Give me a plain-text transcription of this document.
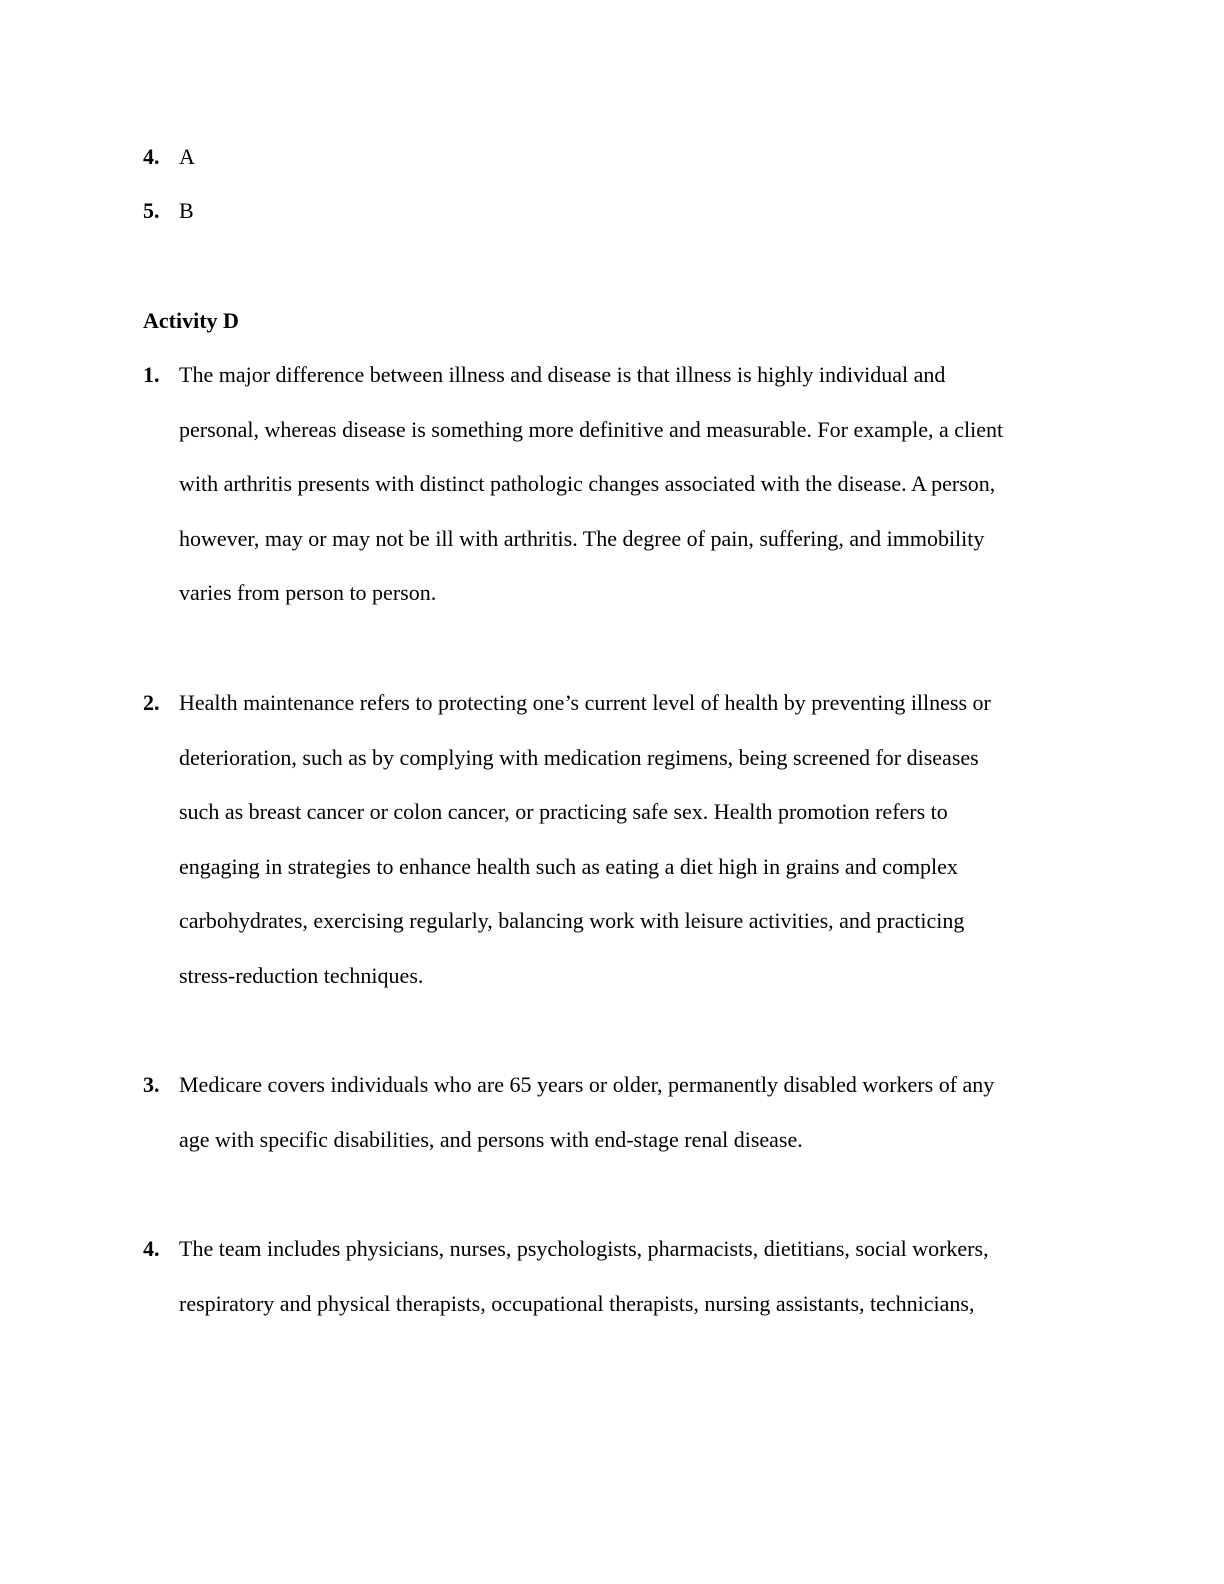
4. A
5. B
Activity D
1. The major difference between illness and disease is that illness is highly individual and
personal, whereas disease is something more definitive and measurable. For example, a client
with arthritis presents with distinct pathologic changes associated with the disease. A person,
however, may or may not be ill with arthritis. The degree of pain, suffering, and immobility
varies from person to person.
2. Health maintenance refers to protecting one’s current level of health by preventing illness or
deterioration, such as by complying with medication regimens, being screened for diseases
such as breast cancer or colon cancer, or practicing safe sex. Health promotion refers to
engaging in strategies to enhance health such as eating a diet high in grains and complex
carbohydrates, exercising regularly, balancing work with leisure activities, and practicing
stress-reduction techniques.
3. Medicare covers individuals who are 65 years or older, permanently disabled workers of any
age with specific disabilities, and persons with end-stage renal disease.
4. The team includes physicians, nurses, psychologists, pharmacists, dietitians, social workers,
respiratory and physical therapists, occupational therapists, nursing assistants, technicians,
